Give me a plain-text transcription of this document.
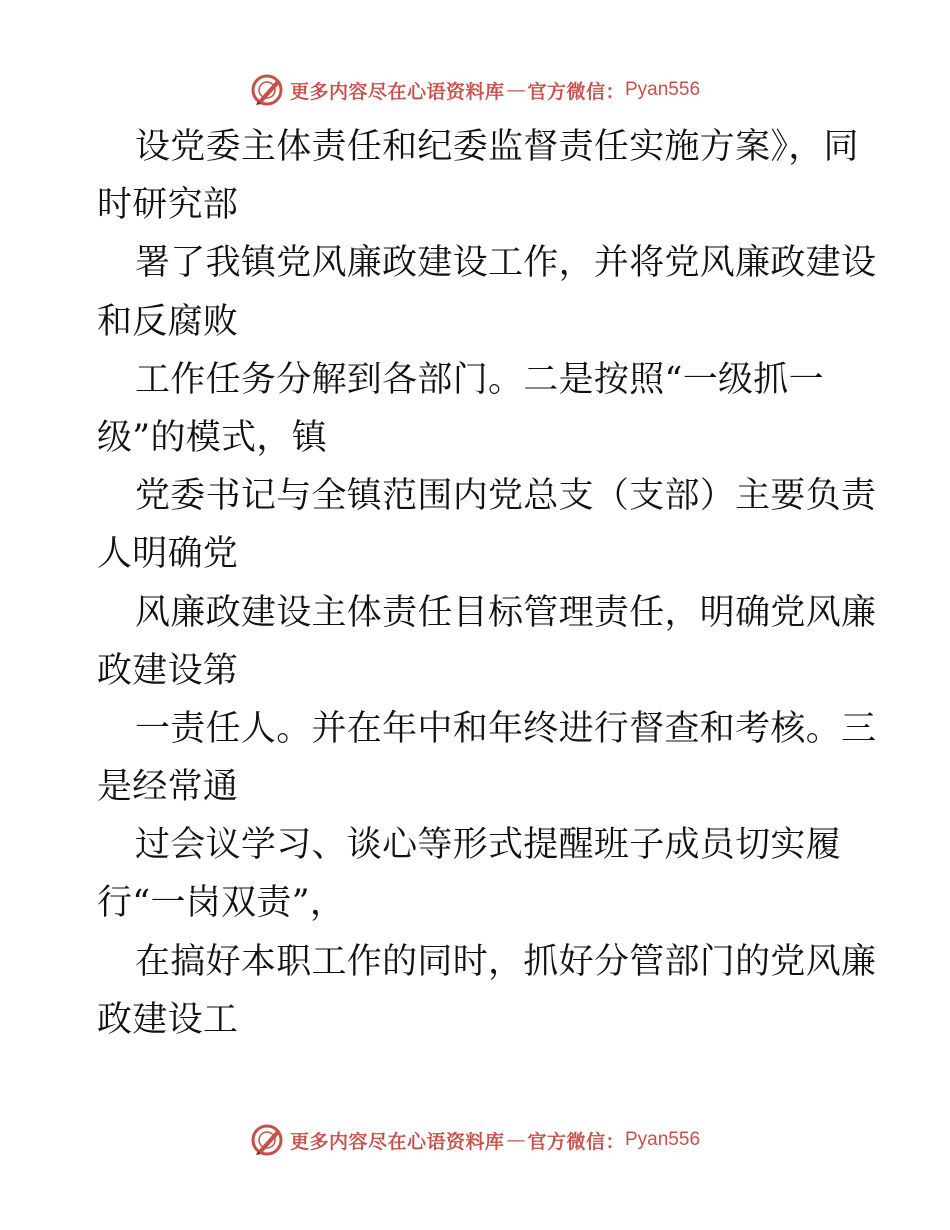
更多内容尽在心语资料库 — 官方微信： Pyan556
设党委主体责任和纪委监督责任实施方案》，同
时研究部
署了我镇党风廉政建设工作，并将党风廉政建设
和反腐败
工作任务分解到各部门。二是按照“一级抓一
级”的模式，镇
党委书记与全镇范围内党总支（支部）主要负责
人明确党
风廉政建设主体责任目标管理责任，明确党风廉
政建设第
一责任人。并在年中和年终进行督查和考核。三
是经常通
过会议学习、谈心等形式提醒班子成员切实履
行“一岗双责”，
在搞好本职工作的同时，抓好分管部门的党风廉
政建设工
更多内容尽在心语资料库 — 官方微信： Pyan556
